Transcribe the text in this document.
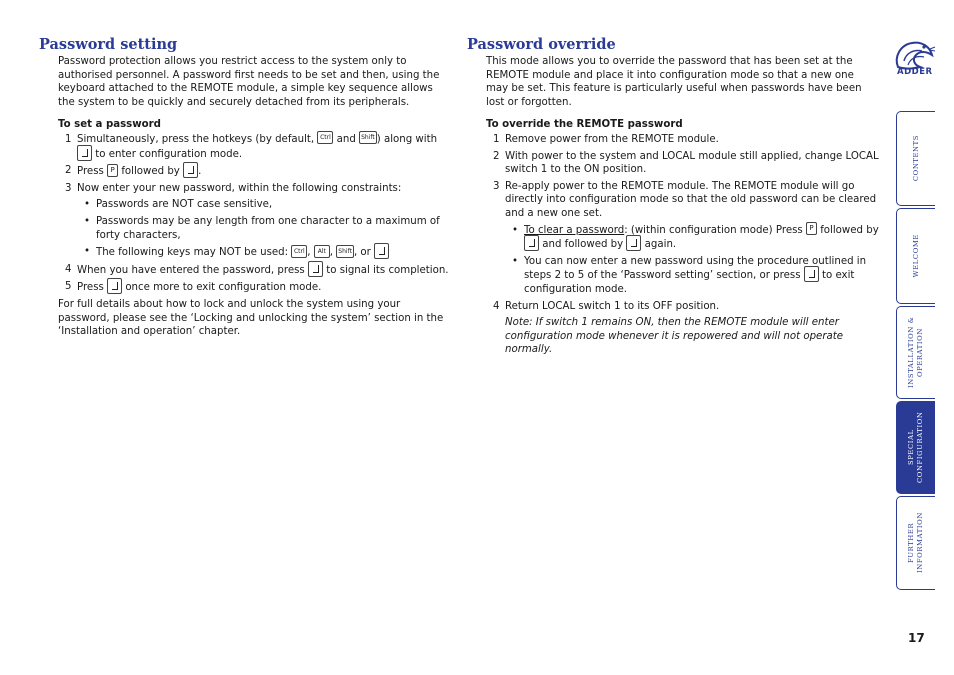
Password setting

Password protection allows you restrict access to the system only to authorised personnel. A password first needs to be set and then, using the keyboard attached to the REMOTE module, a simple key sequence allows the system to be quickly and securely detached from its peripherals.

To set a password

1 Simultaneously, press the hotkeys (by default, Ctrl and Shift ) along with  to enter configuration mode.
2 Press P followed by .
3 Now enter your new password, within the following constraints:
• Passwords are NOT case sensitive,
• Passwords may be any length from one character to a maximum of forty characters,
• The following keys may NOT be used: Ctrl , Alt , Shift , or
4 When you have entered the password, press to signal its completion.
5 Press once more to exit configuration mode.

For full details about how to lock and unlock the system using your password, please see the ‘Locking and unlocking the system’ section in the ‘Installation and operation’ chapter.

Password override

This mode allows you to override the password that has been set at the REMOTE module and place it into configuration mode so that a new one may be set. This feature is particularly useful when passwords have been lost or forgotten.

To override the REMOTE password

1 Remove power from the REMOTE module.
2 With power to the system and LOCAL module still applied, change LOCAL switch 1 to the ON position.
3 Re-apply power to the REMOTE module. The REMOTE module will go directly into configuration mode so that the old password can be cleared and a new one set.
• To clear a password: (within configuration mode) Press P followed by  and followed by again.
• You can now enter a new password using the procedure outlined in steps 2 to 5 of the ‘Password setting’ section, or press to exit configuration mode.
4 Return LOCAL switch 1 to its OFF position.

Note: If switch 1 remains ON, then the REMOTE module will enter configuration mode whenever it is repowered and will not operate normally.

ADDER
CONTENTS
WELCOME
INSTALLATION & OPERATION
SPECIAL CONFIGURATION
FURTHER INFORMATION
17
